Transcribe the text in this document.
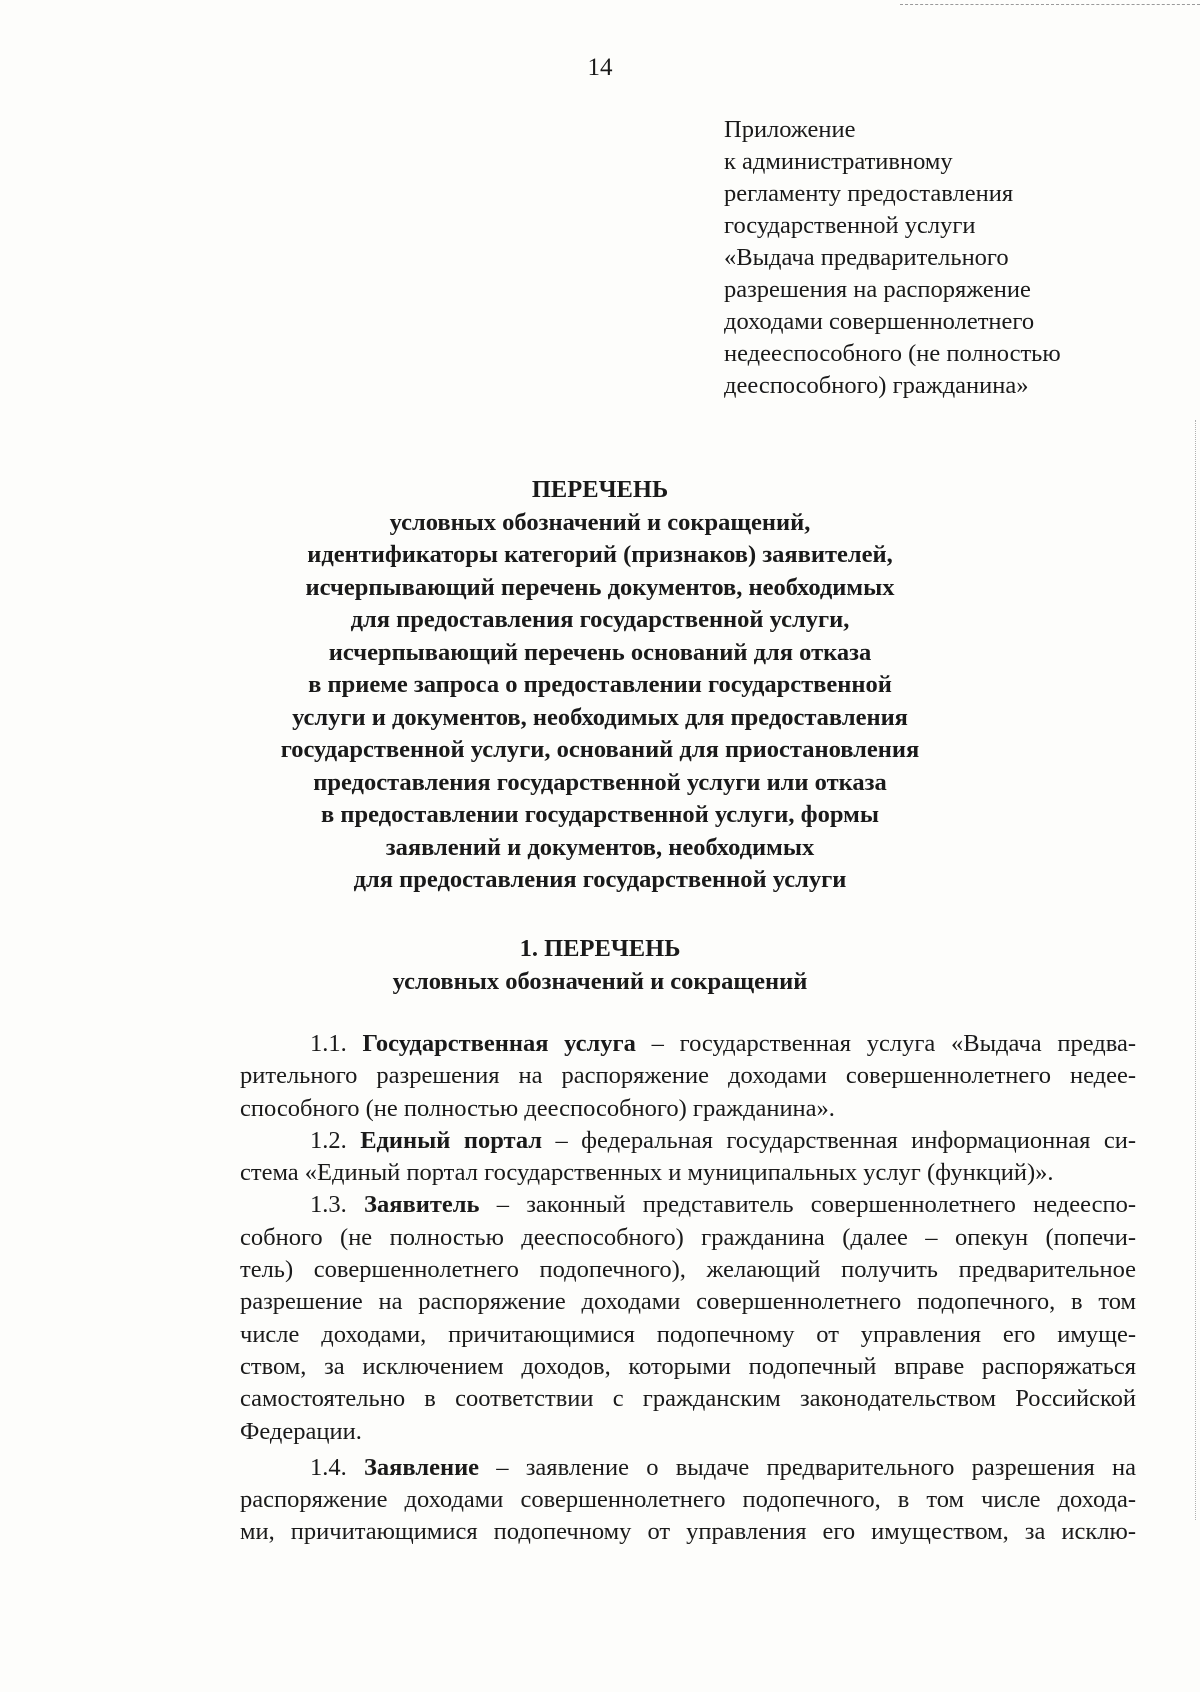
14
Приложение
к административному
регламенту предоставления
государственной услуги
«Выдача предварительного
разрешения на распоряжение
доходами совершеннолетнего
недееспособного (не полностью
дееспособного) гражданина»
ПЕРЕЧЕНЬ
условных обозначений и сокращений,
идентификаторы категорий (признаков) заявителей,
исчерпывающий перечень документов, необходимых
для предоставления государственной услуги,
исчерпывающий перечень оснований для отказа
в приеме запроса о предоставлении государственной
услуги и документов, необходимых для предоставления
государственной услуги, оснований для приостановления
предоставления государственной услуги или отказа
в предоставлении государственной услуги, формы
заявлений и документов, необходимых
для предоставления государственной услуги
1. ПЕРЕЧЕНЬ
условных обозначений и сокращений
1.1. Государственная услуга – государственная услуга «Выдача предва-
рительного разрешения на распоряжение доходами совершеннолетнего недее-
способного (не полностью дееспособного) гражданина».
1.2. Единый портал – федеральная государственная информационная си-
стема «Единый портал государственных и муниципальных услуг (функций)».
1.3. Заявитель – законный представитель совершеннолетнего недееспо-
собного (не полностью дееспособного) гражданина (далее – опекун (попечи-
тель) совершеннолетнего подопечного), желающий получить предварительное
разрешение на распоряжение доходами совершеннолетнего подопечного, в том
числе доходами, причитающимися подопечному от управления его имуще-
ством, за исключением доходов, которыми подопечный вправе распоряжаться
самостоятельно в соответствии с гражданским законодательством Российской
Федерации.
1.4. Заявление – заявление о выдаче предварительного разрешения на
распоряжение доходами совершеннолетнего подопечного, в том числе дохода-
ми, причитающимися подопечному от управления его имуществом, за исклю-
